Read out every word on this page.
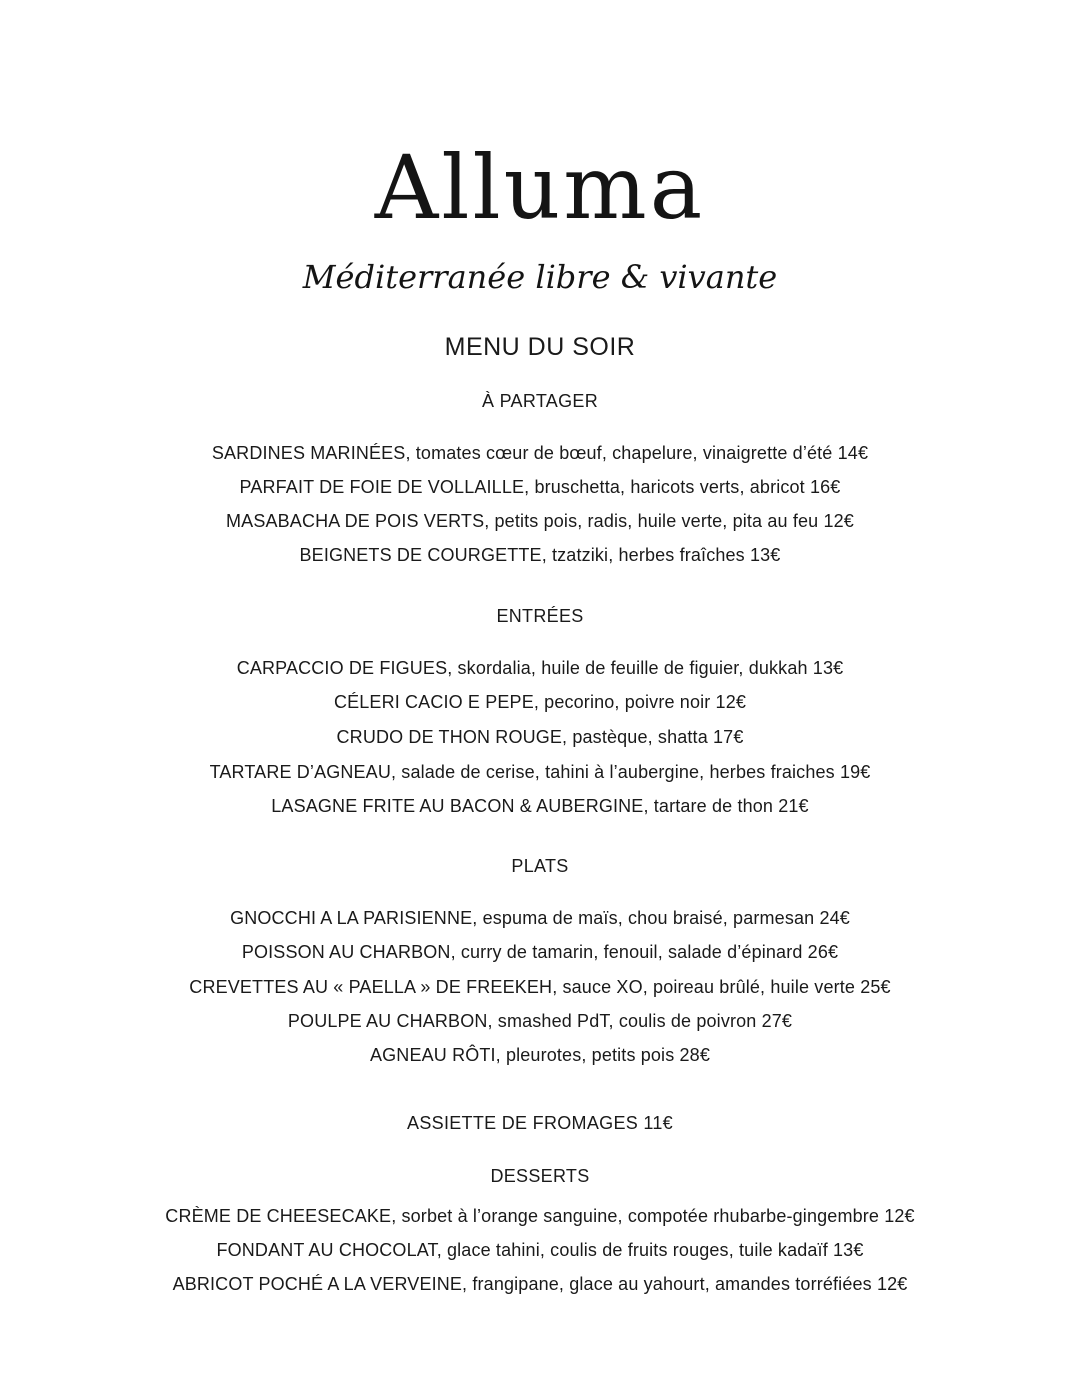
Alluma
Méditerranée libre & vivante
MENU DU SOIR
À PARTAGER
SARDINES MARINÉES, tomates cœur de bœuf, chapelure, vinaigrette d’été 14€
PARFAIT DE FOIE DE VOLLAILLE, bruschetta, haricots verts, abricot 16€
MASABACHA DE POIS VERTS, petits pois, radis, huile verte, pita au feu 12€
BEIGNETS DE COURGETTE, tzatziki, herbes fraîches 13€
ENTRÉES
CARPACCIO DE FIGUES, skordalia, huile de feuille de figuier, dukkah 13€
CÉLERI CACIO E PEPE, pecorino, poivre noir 12€
CRUDO DE THON ROUGE, pastèque, shatta 17€
TARTARE D’AGNEAU, salade de cerise, tahini à l’aubergine, herbes fraiches 19€
LASAGNE FRITE AU BACON & AUBERGINE, tartare de thon 21€
PLATS
GNOCCHI A LA PARISIENNE, espuma de maïs, chou braisé, parmesan 24€
POISSON AU CHARBON, curry de tamarin, fenouil, salade d’épinard 26€
CREVETTES AU « PAELLA » DE FREEKEH, sauce XO, poireau brûlé, huile verte 25€
POULPE AU CHARBON, smashed PdT, coulis de poivron 27€
AGNEAU RÔTI, pleurotes, petits pois 28€
ASSIETTE DE FROMAGES 11€
DESSERTS
CRÈME DE CHEESECAKE, sorbet à l’orange sanguine, compotée rhubarbe-gingembre 12€
FONDANT AU CHOCOLAT, glace tahini, coulis de fruits rouges, tuile kadaïf 13€
ABRICOT POCHÉ A LA VERVEINE, frangipane, glace au yahourt, amandes torréfiées 12€
